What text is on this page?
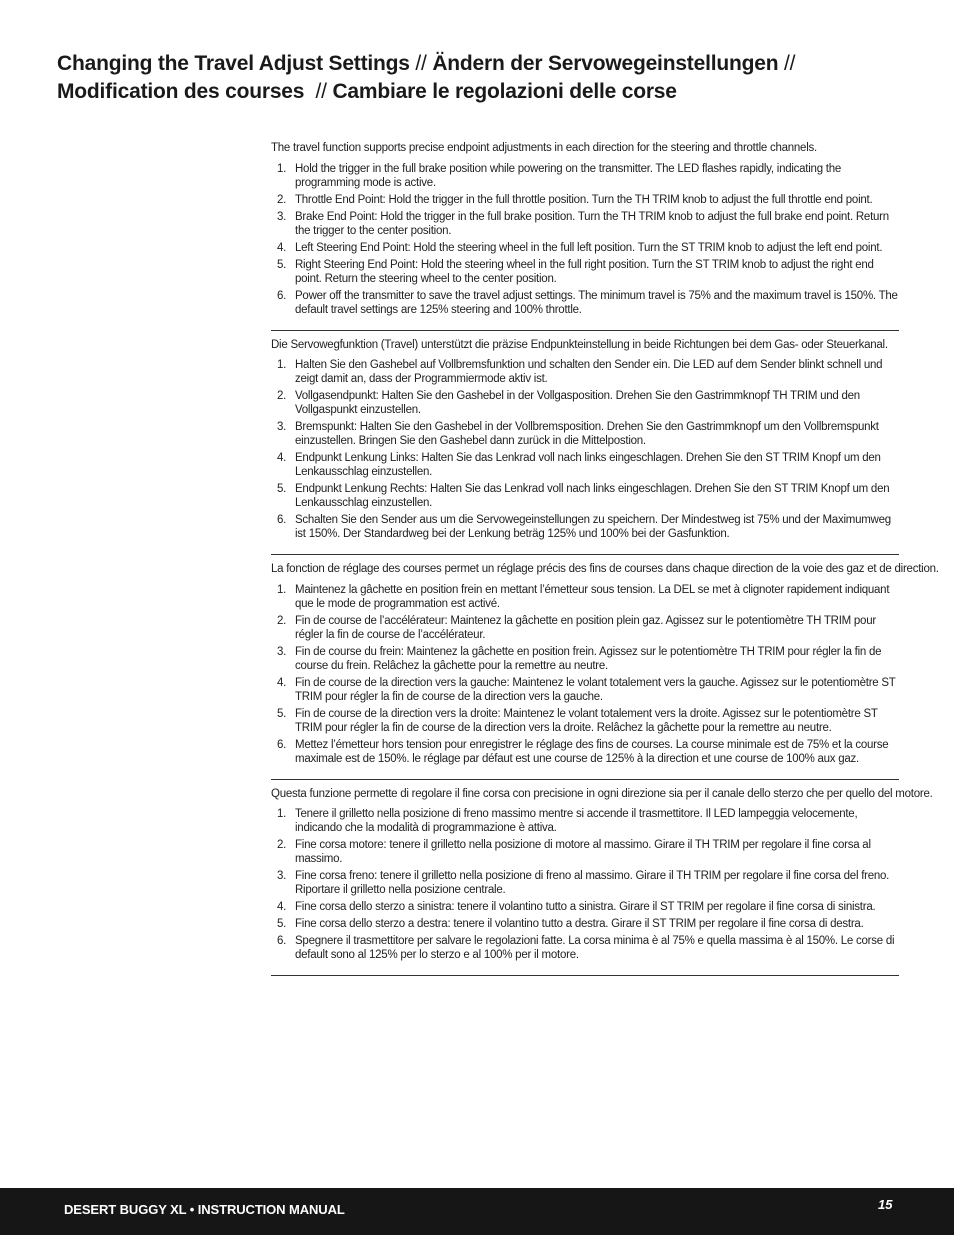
Changing the Travel Adjust Settings // Ändern der Servowegeinstellungen //
Modification des courses // Cambiare le regolazioni delle corse

The travel function supports precise endpoint adjustments in each direction for the steering and throttle channels.

1. Hold the trigger in the full brake position while powering on the transmitter. The LED flashes rapidly, indicating the programming mode is active.
2. Throttle End Point: Hold the trigger in the full throttle position. Turn the TH TRIM knob to adjust the full throttle end point.
3. Brake End Point: Hold the trigger in the full brake position. Turn the TH TRIM knob to adjust the full brake end point. Return the trigger to the center position.
4. Left Steering End Point: Hold the steering wheel in the full left position. Turn the ST TRIM knob to adjust the left end point.
5. Right Steering End Point: Hold the steering wheel in the full right position. Turn the ST TRIM knob to adjust the right end point. Return the steering wheel to the center position.
6. Power off the transmitter to save the travel adjust settings. The minimum travel is 75% and the maximum travel is 150%. The default travel settings are 125% steering and 100% throttle.

Die Servowegfunktion (Travel) unterstützt die präzise Endpunkteinstellung in beide Richtungen bei dem Gas- oder Steuerkanal.

1. Halten Sie den Gashebel auf Vollbremsfunktion und schalten den Sender ein. Die LED auf dem Sender blinkt schnell und zeigt damit an, dass der Programmiermode aktiv ist.
2. Vollgasendpunkt: Halten Sie den Gashebel in der Vollgasposition. Drehen Sie den Gastrimmknopf TH TRIM und den Vollgaspunkt einzustellen.
3. Bremspunkt: Halten Sie den Gashebel in der Vollbremsposition. Drehen Sie den Gastrimmknopf um den Vollbremspunkt einzustellen. Bringen Sie den Gashebel dann zurück in die Mittelpostion.
4. Endpunkt Lenkung Links: Halten Sie das Lenkrad voll nach links eingeschlagen. Drehen Sie den ST TRIM Knopf um den Lenkausschlag einzustellen.
5. Endpunkt Lenkung Rechts: Halten Sie das Lenkrad voll nach links eingeschlagen. Drehen Sie den ST TRIM Knopf um den Lenkausschlag einzustellen.
6. Schalten Sie den Sender aus um die Servowegeinstellungen zu speichern. Der Mindestweg ist 75% und der Maximumweg ist 150%. Der Standardweg bei der Lenkung beträg 125% und 100% bei der Gasfunktion.

La fonction de réglage des courses permet un réglage précis des fins de courses dans chaque direction de la voie des gaz et de direction.

1. Maintenez la gâchette en position frein en mettant l’émetteur sous tension. La DEL se met à clignoter rapidement indiquant que le mode de programmation est activé.
2. Fin de course de l’accélérateur: Maintenez la gâchette en position plein gaz. Agissez sur le potentiomètre TH TRIM pour régler la fin de course de l’accélérateur.
3. Fin de course du frein: Maintenez la gâchette en position frein. Agissez sur le potentiomètre TH TRIM pour régler la fin de course du frein. Relâchez la gâchette pour la remettre au neutre.
4. Fin de course de la direction vers la gauche: Maintenez le volant totalement vers la gauche. Agissez sur le potentiomètre ST TRIM pour régler la fin de course de la direction vers la gauche.
5. Fin de course de la direction vers la droite: Maintenez le volant totalement vers la droite. Agissez sur le potentiomètre ST TRIM pour régler la fin de course de la direction vers la droite. Relâchez la gâchette pour la remettre au neutre.
6. Mettez l’émetteur hors tension pour enregistrer le réglage des fins de courses. La course minimale est de 75% et la course maximale est de 150%. le réglage par défaut est une course de 125% à la direction et une course de 100% aux gaz.

Questa funzione permette di regolare il fine corsa con precisione in ogni direzione sia per il canale dello sterzo che per quello del motore.

1. Tenere il grilletto nella posizione di freno massimo mentre si accende il trasmettitore. Il LED lampeggia velocemente, indicando che la modalità di programmazione è attiva.
2. Fine corsa motore: tenere il grilletto nella posizione di motore al massimo. Girare il TH TRIM per regolare il fine corsa al massimo.
3. Fine corsa freno: tenere il grilletto nella posizione di freno al massimo. Girare il TH TRIM per regolare il fine corsa del freno. Riportare il grilletto nella posizione centrale.
4. Fine corsa dello sterzo a sinistra: tenere il volantino tutto a sinistra. Girare il ST TRIM per regolare il fine corsa di sinistra.
5. Fine corsa dello sterzo a destra: tenere il volantino tutto a destra. Girare il ST TRIM per regolare il fine corsa di destra.
6. Spegnere il trasmettitore per salvare le regolazioni fatte. La corsa minima è al 75% e quella massima è al 150%. Le corse di default sono al 125% per lo sterzo e al 100% per il motore.
DESERT BUGGY XL • INSTRUCTION MANUAL	15
